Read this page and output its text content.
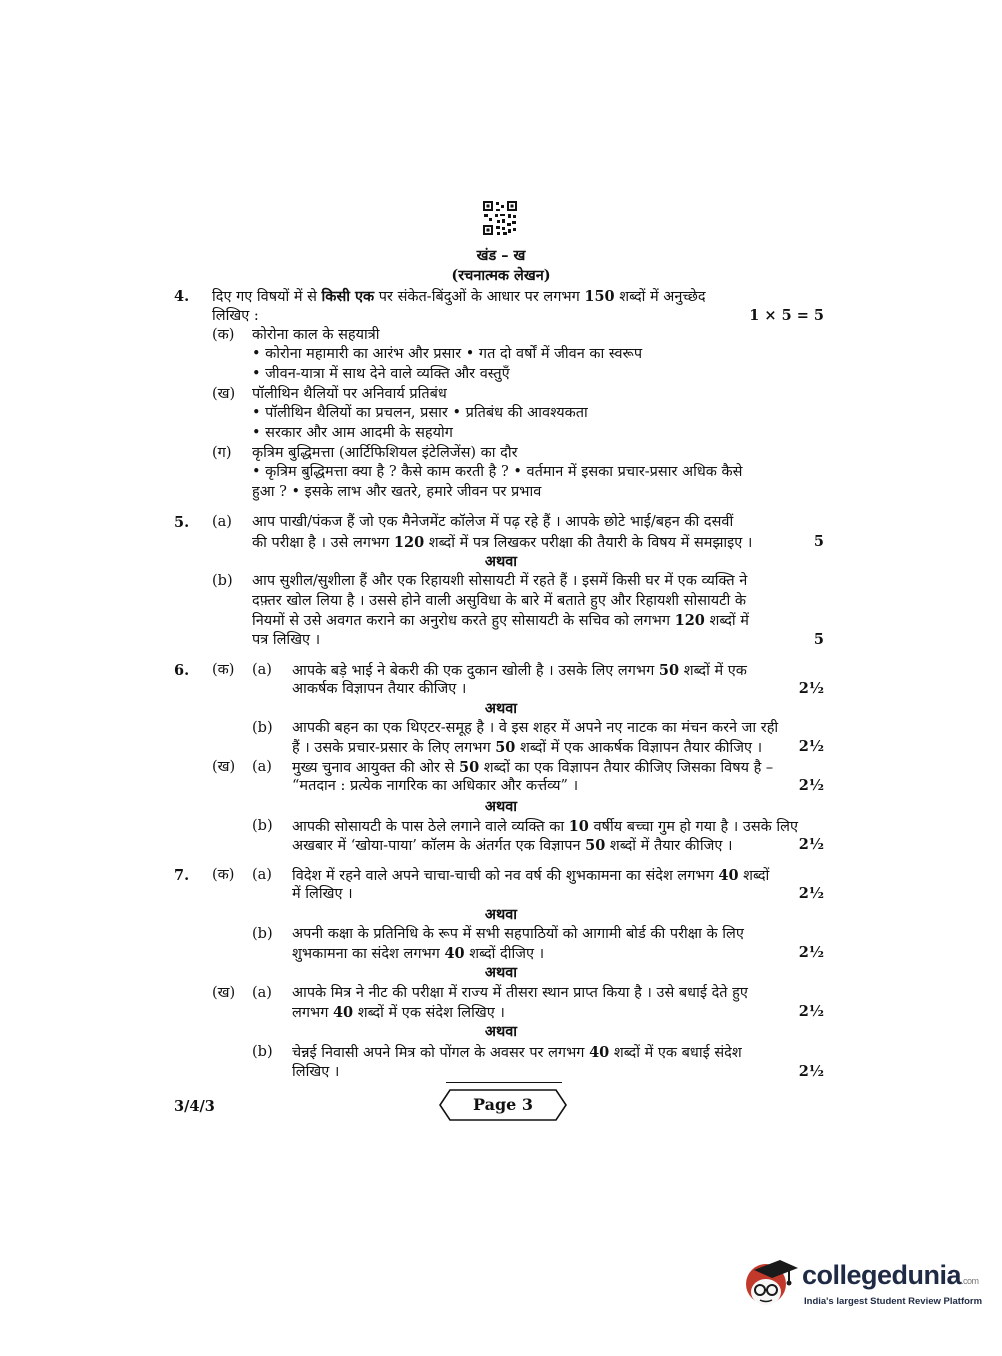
खंड – ख
(रचनात्मक लेखन)
4. दिए गए विषयों में से किसी एक पर संकेत-बिंदुओं के आधार पर लगभग 150 शब्दों में अनुच्छेद
लिखिए :	1 × 5 = 5
(क) कोरोना काल के सहयात्री
• कोरोना महामारी का आरंभ और प्रसार • गत दो वर्षों में जीवन का स्वरूप
• जीवन-यात्रा में साथ देने वाले व्यक्ति और वस्तुएँ
(ख) पॉलीथिन थैलियों पर अनिवार्य प्रतिबंध
• पॉलीथिन थैलियों का प्रचलन, प्रसार • प्रतिबंध की आवश्यकता
• सरकार और आम आदमी के सहयोग
(ग) कृत्रिम बुद्धिमत्ता (आर्टिफिशियल इंटेलिजेंस) का दौर
• कृत्रिम बुद्धिमत्ता क्या है ? कैसे काम करती है ? • वर्तमान में इसका प्रचार-प्रसार अधिक कैसे
हुआ ? • इसके लाभ और खतरे, हमारे जीवन पर प्रभाव
5. (a) आप पाखी/पंकज हैं जो एक मैनेजमेंट कॉलेज में पढ़ रहे हैं । आपके छोटे भाई/बहन की दसवीं
की परीक्षा है । उसे लगभग 120 शब्दों में पत्र लिखकर परीक्षा की तैयारी के विषय में समझाइए ।	5
अथवा
(b) आप सुशील/सुशीला हैं और एक रिहायशी सोसायटी में रहते हैं । इसमें किसी घर में एक व्यक्ति ने
दफ़्तर खोल लिया है । उससे होने वाली असुविधा के बारे में बताते हुए और रिहायशी सोसायटी के
नियमों से उसे अवगत कराने का अनुरोध करते हुए सोसायटी के सचिव को लगभग 120 शब्दों में
पत्र लिखिए ।	5
6. (क) (a) आपके बड़े भाई ने बेकरी की एक दुकान खोली है । उसके लिए लगभग 50 शब्दों में एक
आकर्षक विज्ञापन तैयार कीजिए ।	2½
अथवा
(b) आपकी बहन का एक थिएटर-समूह है । वे इस शहर में अपने नए नाटक का मंचन करने जा रही
हैं । उसके प्रचार-प्रसार के लिए लगभग 50 शब्दों में एक आकर्षक विज्ञापन तैयार कीजिए ।	2½
(ख) (a) मुख्य चुनाव आयुक्त की ओर से 50 शब्दों का एक विज्ञापन तैयार कीजिए जिसका विषय है –
“मतदान : प्रत्येक नागरिक का अधिकार और कर्त्तव्य” ।	2½
अथवा
(b) आपकी सोसायटी के पास ठेले लगाने वाले व्यक्ति का 10 वर्षीय बच्चा गुम हो गया है । उसके लिए
अखबार में ‘खोया-पाया’ कॉलम के अंतर्गत एक विज्ञापन 50 शब्दों में तैयार कीजिए ।	2½
7. (क) (a) विदेश में रहने वाले अपने चाचा-चाची को नव वर्ष की शुभकामना का संदेश लगभग 40 शब्दों
में लिखिए ।	2½
अथवा
(b) अपनी कक्षा के प्रतिनिधि के रूप में सभी सहपाठियों को आगामी बोर्ड की परीक्षा के लिए
शुभकामना का संदेश लगभग 40 शब्दों दीजिए ।	2½
अथवा
(ख) (a) आपके मित्र ने नीट की परीक्षा में राज्य में तीसरा स्थान प्राप्त किया है । उसे बधाई देते हुए
लगभग 40 शब्दों में एक संदेश लिखिए ।	2½
अथवा
(b) चेन्नई निवासी अपने मित्र को पोंगल के अवसर पर लगभग 40 शब्दों में एक बधाई संदेश
लिखिए ।	2½
3/4/3	Page 3
collegedunia.com
India's largest Student Review Platform
